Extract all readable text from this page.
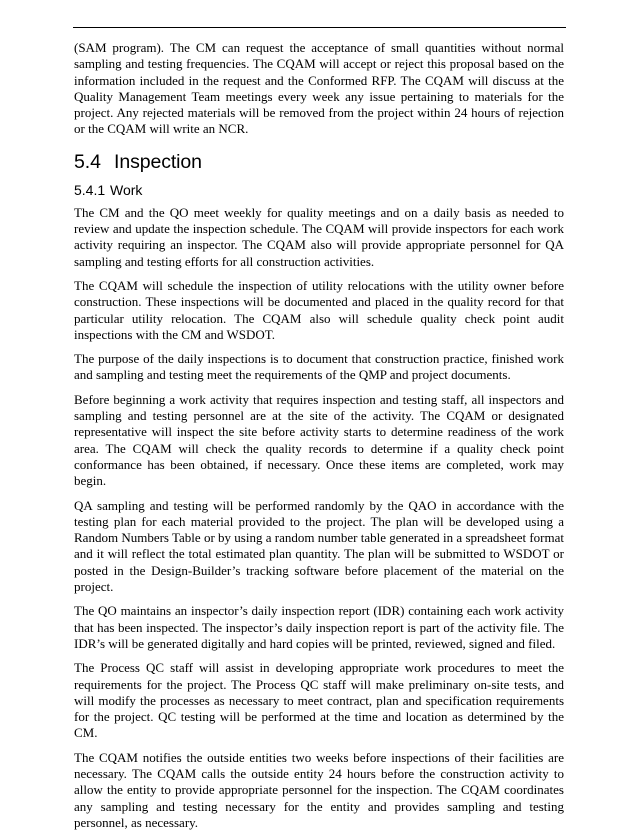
(SAM program). The CM can request the acceptance of small quantities without normal sampling and testing frequencies. The CQAM will accept or reject this proposal based on the information included in the request and the Conformed RFP. The CQAM will discuss at the Quality Management Team meetings every week any issue pertaining to materials for the project. Any rejected materials will be removed from the project within 24 hours of rejection or the CQAM will write an NCR.

5.4 Inspection
5.4.1 Work

The CM and the QO meet weekly for quality meetings and on a daily basis as needed to review and update the inspection schedule. The CQAM will provide inspectors for each work activity requiring an inspector. The CQAM also will provide appropriate personnel for QA sampling and testing efforts for all construction activities.

The CQAM will schedule the inspection of utility relocations with the utility owner before construction. These inspections will be documented and placed in the quality record for that particular utility relocation. The CQAM also will schedule quality check point audit inspections with the CM and WSDOT.

The purpose of the daily inspections is to document that construction practice, finished work and sampling and testing meet the requirements of the QMP and project documents.

Before beginning a work activity that requires inspection and testing staff, all inspectors and sampling and testing personnel are at the site of the activity. The CQAM or designated representative will inspect the site before activity starts to determine readiness of the work area. The CQAM will check the quality records to determine if a quality check point conformance has been obtained, if necessary. Once these items are completed, work may begin.

QA sampling and testing will be performed randomly by the QAO in accordance with the testing plan for each material provided to the project. The plan will be developed using a Random Numbers Table or by using a random number table generated in a spreadsheet format and it will reflect the total estimated plan quantity. The plan will be submitted to WSDOT or posted in the Design-Builder’s tracking software before placement of the material on the project.

The QO maintains an inspector’s daily inspection report (IDR) containing each work activity that has been inspected. The inspector’s daily inspection report is part of the activity file. The IDR’s will be generated digitally and hard copies will be printed, reviewed, signed and filed.

The Process QC staff will assist in developing appropriate work procedures to meet the requirements for the project. The Process QC staff will make preliminary on-site tests, and will modify the processes as necessary to meet contract, plan and specification requirements for the project. QC testing will be performed at the time and location as determined by the CM.

The CQAM notifies the outside entities two weeks before inspections of their facilities are necessary. The CQAM calls the outside entity 24 hours before the construction activity to allow the entity to provide appropriate personnel for the inspection. The CQAM coordinates any sampling and testing necessary for the entity and provides sampling and testing personnel, as necessary.
